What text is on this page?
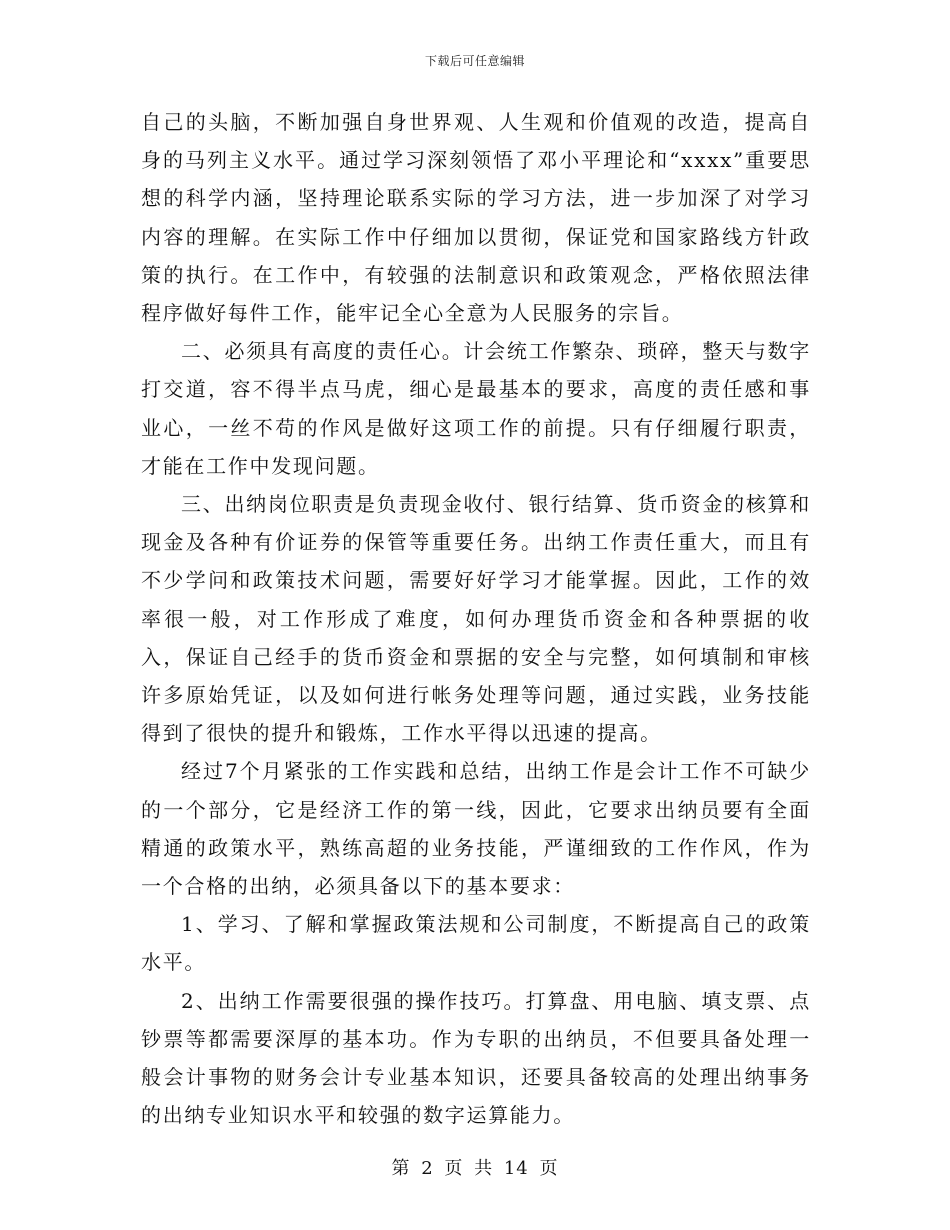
下载后可任意编辑

自己的头脑，不断加强自身世界观、人生观和价值观的改造，提高自身的马列主义水平。通过学习深刻领悟了邓小平理论和“xxxx”重要思想的科学内涵，坚持理论联系实际的学习方法，进一步加深了对学习内容的理解。在实际工作中仔细加以贯彻，保证党和国家路线方针政策的执行。在工作中，有较强的法制意识和政策观念，严格依照法律程序做好每件工作，能牢记全心全意为人民服务的宗旨。

二、必须具有高度的责任心。计会统工作繁杂、琐碎，整天与数字打交道，容不得半点马虎，细心是最基本的要求，高度的责任感和事业心，一丝不苟的作风是做好这项工作的前提。只有仔细履行职责，才能在工作中发现问题。

三、出纳岗位职责是负责现金收付、银行结算、货币资金的核算和现金及各种有价证券的保管等重要任务。出纳工作责任重大，而且有不少学问和政策技术问题，需要好好学习才能掌握。因此，工作的效率很一般，对工作形成了难度，如何办理货币资金和各种票据的收入，保证自己经手的货币资金和票据的安全与完整，如何填制和审核许多原始凭证，以及如何进行帐务处理等问题，通过实践，业务技能得到了很快的提升和锻炼，工作水平得以迅速的提高。

经过7个月紧张的工作实践和总结，出纳工作是会计工作不可缺少的一个部分，它是经济工作的第一线，因此，它要求出纳员要有全面精通的政策水平，熟练高超的业务技能，严谨细致的工作作风，作为一个合格的出纳，必须具备以下的基本要求：

1、学习、了解和掌握政策法规和公司制度，不断提高自己的政策水平。

2、出纳工作需要很强的操作技巧。打算盘、用电脑、填支票、点钞票等都需要深厚的基本功。作为专职的出纳员，不但要具备处理一般会计事物的财务会计专业基本知识，还要具备较高的处理出纳事务的出纳专业知识水平和较强的数字运算能力。

第 2 页 共 14 页
